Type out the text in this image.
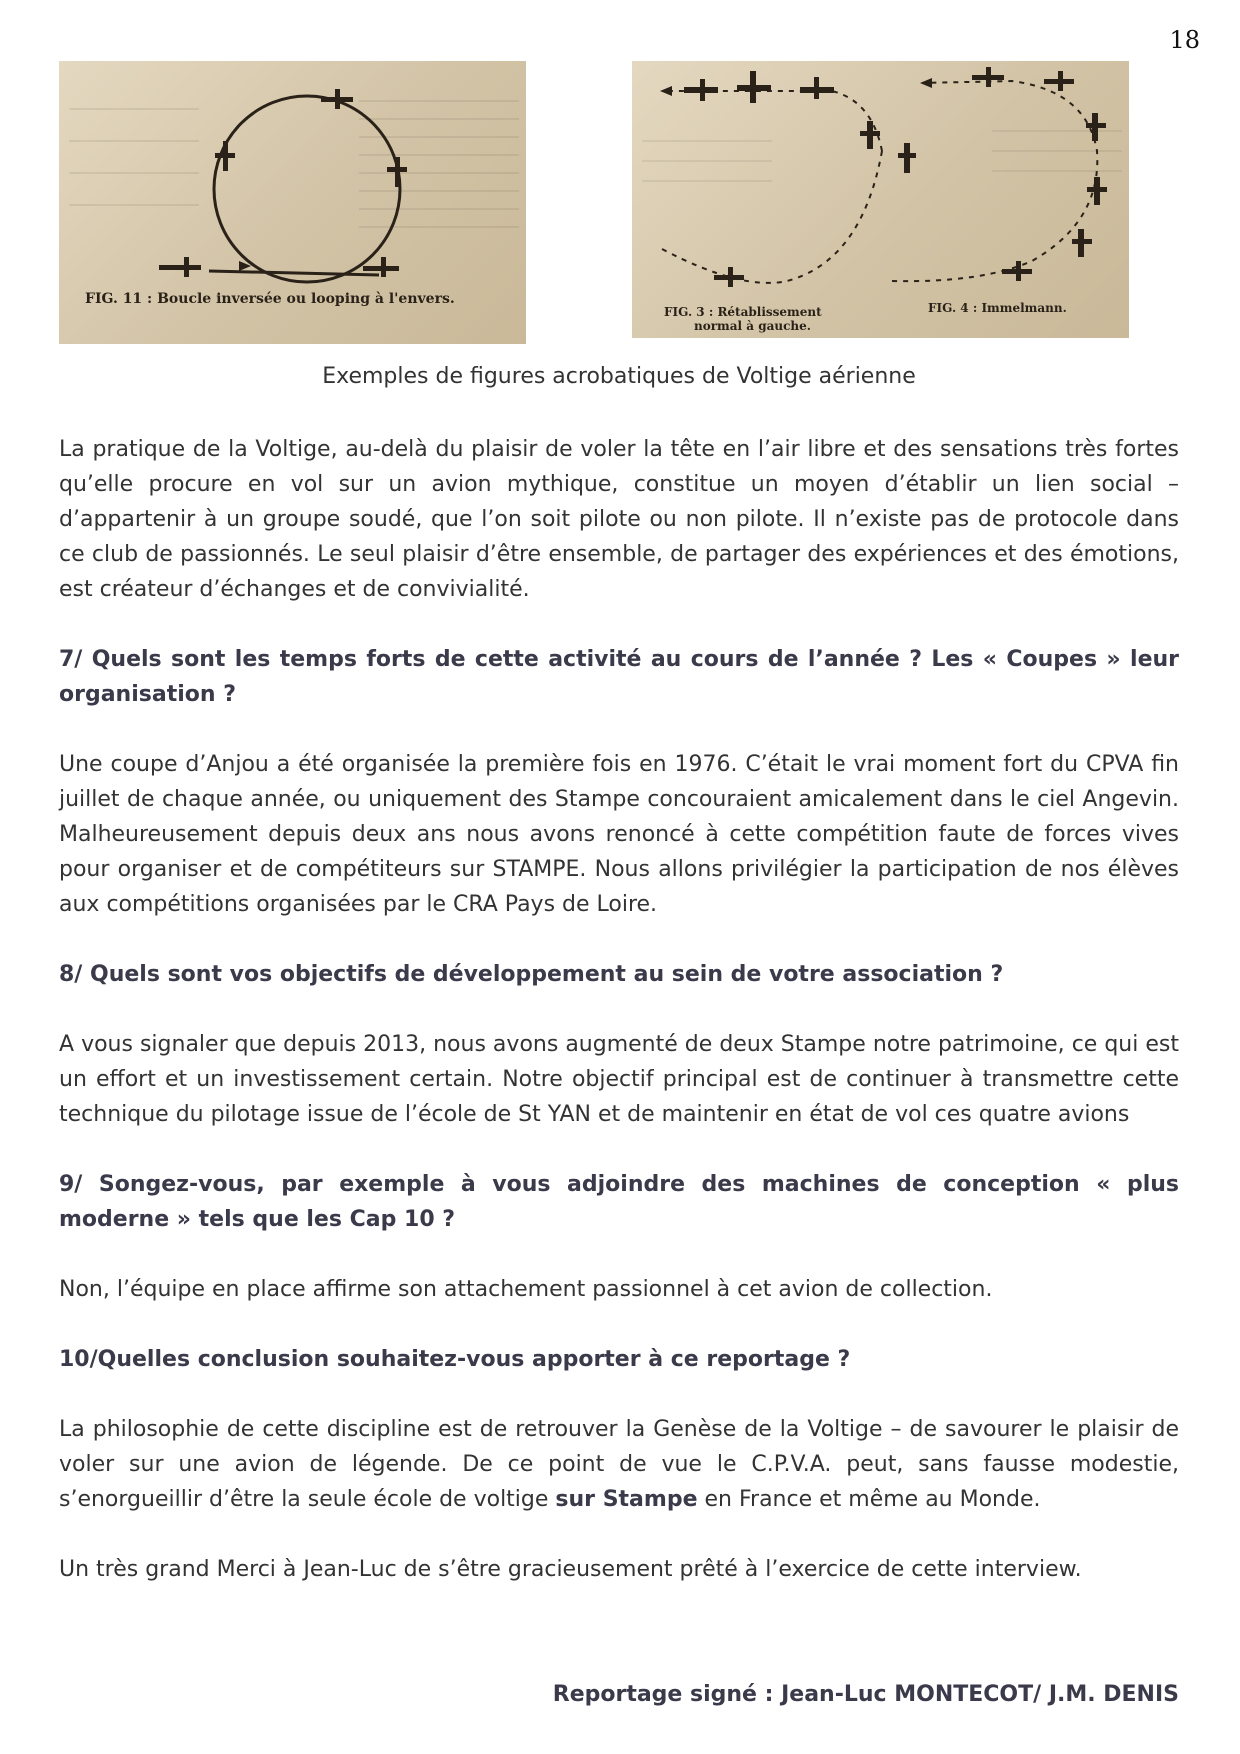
18
FIG. 11 : Boucle inversée ou looping à l'envers.
FIG. 3 : Rétablissement
normal à gauche.
FIG. 4 : Immelmann.
Exemples de figures acrobatiques de Voltige aérienne

La pratique de la Voltige, au-delà du plaisir de voler la tête en l’air libre et des sensations très fortes qu’elle procure en vol sur un avion mythique, constitue un moyen d’établir un lien social – d’appartenir à un groupe soudé, que l’on soit pilote ou non pilote. Il n’existe pas de protocole dans ce club de passionnés. Le seul plaisir d’être ensemble, de partager des expériences et des émotions, est créateur d’échanges et de convivialité.

7/ Quels sont les temps forts de cette activité au cours de l’année ? Les « Coupes » leur organisation ?

Une coupe d’Anjou a été organisée la première fois en 1976. C’était le vrai moment fort du CPVA fin juillet de chaque année, ou uniquement des Stampe concouraient amicalement dans le ciel Angevin. Malheureusement depuis deux ans nous avons renoncé à cette compétition faute de forces vives pour organiser et de compétiteurs sur STAMPE. Nous allons privilégier la participation de nos élèves aux compétitions organisées par le CRA Pays de Loire.

8/ Quels sont vos objectifs de développement au sein de votre association ?

A vous signaler que depuis 2013, nous avons augmenté de deux Stampe notre patrimoine, ce qui est un effort et un investissement certain. Notre objectif principal est de continuer à transmettre cette technique du pilotage issue de l’école de St YAN et de maintenir en état de vol ces quatre avions

9/ Songez-vous, par exemple à vous adjoindre des machines de conception « plus moderne » tels que les Cap 10 ?

Non, l’équipe en place affirme son attachement passionnel à cet avion de collection.

10/Quelles conclusion souhaitez-vous apporter à ce reportage ?

La philosophie de cette discipline est de retrouver la Genèse de la Voltige – de savourer le plaisir de voler sur une avion de légende. De ce point de vue le C.P.V.A. peut, sans fausse modestie, s’enorgueillir d’être la seule école de voltige sur Stampe en France et même au Monde.

Un très grand Merci à Jean-Luc de s’être gracieusement prêté à l’exercice de cette interview.

Reportage signé : Jean-Luc MONTECOT/ J.M. DENIS
